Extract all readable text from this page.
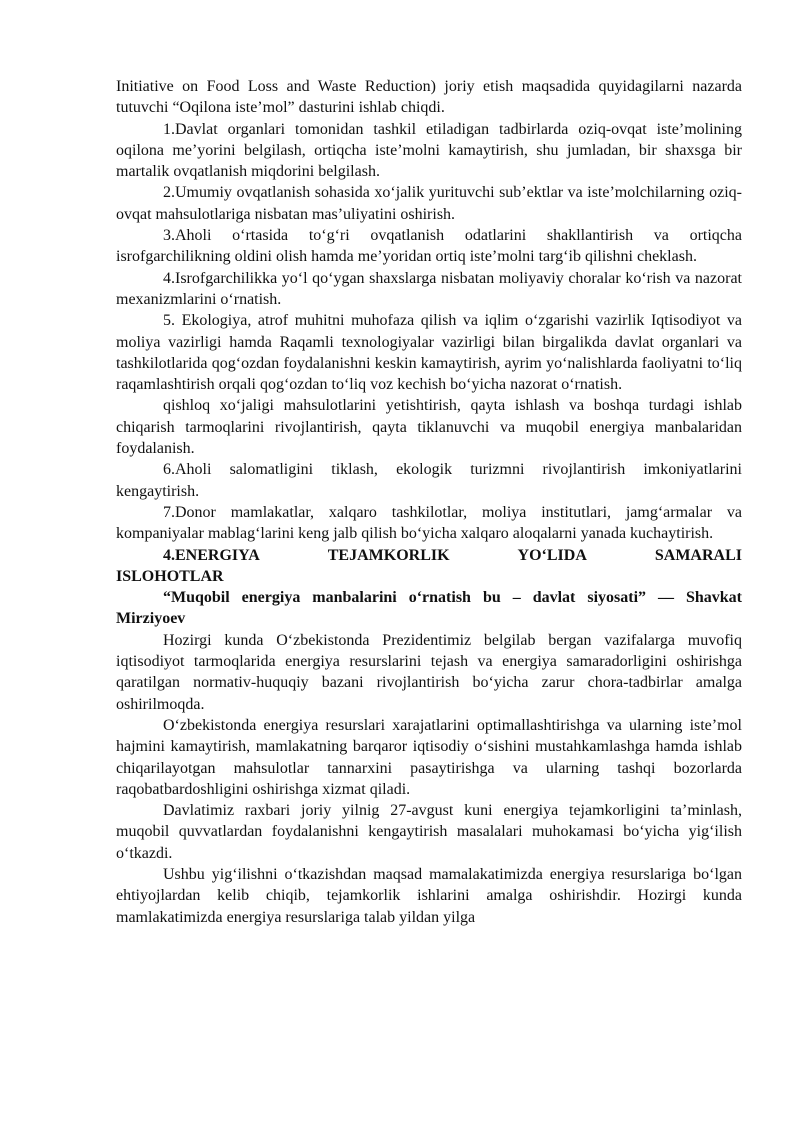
Initiative on Food Loss and Waste Reduction) joriy etish maqsadida quyidagilarni nazarda tutuvchi “Oqilona iste’mol” dasturini ishlab chiqdi.

1.Davlat organlari tomonidan tashkil etiladigan tadbirlarda oziq-ovqat iste’molining oqilona me’yorini belgilash, ortiqcha iste’molni kamaytirish, shu jumladan, bir shaxsga bir martalik ovqatlanish miqdorini belgilash.

2.Umumiy ovqatlanish sohasida xo‘jalik yurituvchi sub’ektlar va iste’molchilarning oziq-ovqat mahsulotlariga nisbatan mas’uliyatini oshirish.

3.Aholi o‘rtasida to‘g‘ri ovqatlanish odatlarini shakllantirish va ortiqcha isrofgarchilikning oldini olish hamda me’yoridan ortiq iste’molni targ‘ib qilishni cheklash.

4.Isrofgarchilikka yo‘l qo‘ygan shaxslarga nisbatan moliyaviy choralar ko‘rish va nazorat mexanizmlarini o‘rnatish.

5. Ekologiya, atrof muhitni muhofaza qilish va iqlim o‘zgarishi vazirlik Iqtisodiyot va moliya vazirligi hamda Raqamli texnologiyalar vazirligi bilan birgalikda davlat organlari va tashkilotlarida qog‘ozdan foydalanishni keskin kamaytirish, ayrim yo‘nalishlarda faoliyatni to‘liq raqamlashtirish orqali qog‘ozdan to‘liq voz kechish bo‘yicha nazorat o‘rnatish.

qishloq xo‘jaligi mahsulotlarini yetishtirish, qayta ishlash va boshqa turdagi ishlab chiqarish tarmoqlarini rivojlantirish, qayta tiklanuvchi va muqobil energiya manbalaridan foydalanish.

6.Aholi salomatligini tiklash, ekologik turizmni rivojlantirish imkoniyatlarini kengaytirish.

7.Donor mamlakatlar, xalqaro tashkilotlar, moliya institutlari, jamg‘armalar va kompaniyalar mablag‘larini keng jalb qilish bo‘yicha xalqaro aloqalarni yanada kuchaytirish.

4.ENERGIYA	TEJAMKORLIK	YO‘LIDA	SAMARALI

ISLOHOTLAR

“Muqobil energiya manbalarini o‘rnatish bu – davlat siyosati” –– Shavkat Mirziyoev

Hozirgi kunda O‘zbekistonda Prezidentimiz belgilab bergan vazifalarga muvofiq iqtisodiyot tarmoqlarida energiya resurslarini tejash va energiya samaradorligini oshirishga qaratilgan normativ-huquqiy bazani rivojlantirish bo‘yicha zarur chora-tadbirlar amalga oshirilmoqda.

O‘zbekistonda energiya resurslari xarajatlarini optimallashtirishga va ularning iste’mol hajmini kamaytirish, mamlakatning barqaror iqtisodiy o‘sishini mustahkamlashga hamda ishlab chiqarilayotgan mahsulotlar tannarxini pasaytirishga va ularning tashqi bozorlarda raqobatbardoshligini oshirishga xizmat qiladi.

Davlatimiz raxbari joriy yilnig 27-avgust kuni energiya tejamkorligini ta’minlash, muqobil quvvatlardan foydalanishni kengaytirish masalalari muhokamasi bo‘yicha yig‘ilish o‘tkazdi.

Ushbu yig‘ilishni o‘tkazishdan maqsad mamalakatimizda energiya resurslariga bo‘lgan ehtiyojlardan kelib chiqib, tejamkorlik ishlarini amalga oshirishdir. Hozirgi kunda mamlakatimizda energiya resurslariga talab yildan yilga
